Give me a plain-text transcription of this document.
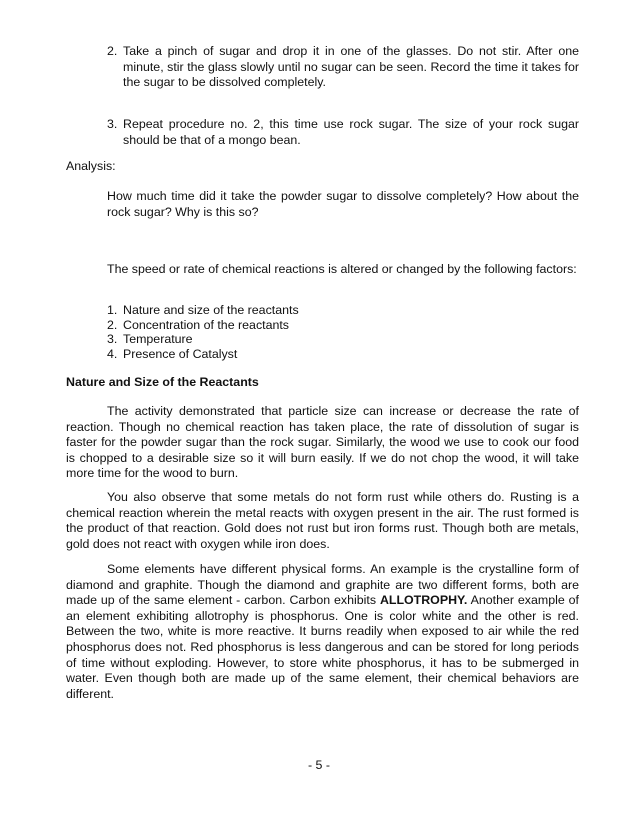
2. Take a pinch of sugar and drop it in one of the glasses. Do not stir. After one minute, stir the glass slowly until no sugar can be seen. Record the time it takes for the sugar to be dissolved completely.
3. Repeat procedure no. 2, this time use rock sugar. The size of your rock sugar should be that of a mongo bean.

Analysis:

How much time did it take the powder sugar to dissolve completely? How about the rock sugar? Why is this so?

The speed or rate of chemical reactions is altered or changed by the following factors:

1. Nature and size of the reactants
2. Concentration of the reactants
3. Temperature
4. Presence of Catalyst

Nature and Size of the Reactants

The activity demonstrated that particle size can increase or decrease the rate of reaction. Though no chemical reaction has taken place, the rate of dissolution of sugar is faster for the powder sugar than the rock sugar. Similarly, the wood we use to cook our food is chopped to a desirable size so it will burn easily. If we do not chop the wood, it will take more time for the wood to burn.

You also observe that some metals do not form rust while others do. Rusting is a chemical reaction wherein the metal reacts with oxygen present in the air. The rust formed is the product of that reaction. Gold does not rust but iron forms rust. Though both are metals, gold does not react with oxygen while iron does.

Some elements have different physical forms. An example is the crystalline form of diamond and graphite. Though the diamond and graphite are two different forms, both are made up of the same element - carbon. Carbon exhibits ALLOTROPHY. Another example of an element exhibiting allotrophy is phosphorus. One is color white and the other is red. Between the two, white is more reactive. It burns readily when exposed to air while the red phosphorus does not. Red phosphorus is less dangerous and can be stored for long periods of time without exploding. However, to store white phosphorus, it has to be submerged in water. Even though both are made up of the same element, their chemical behaviors are different.

- 5 -
